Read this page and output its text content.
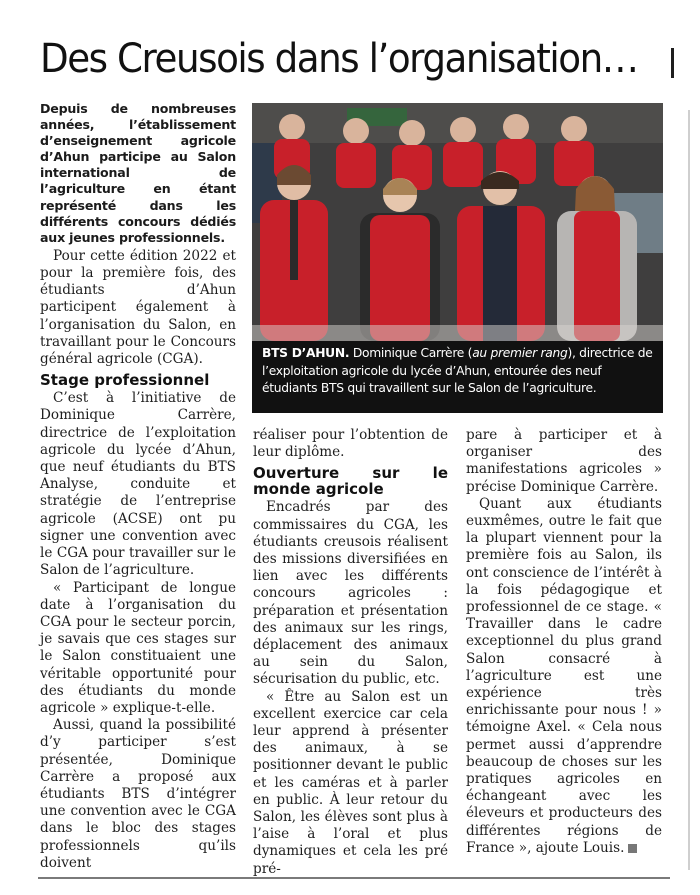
Des Creusois dans l’organisation…

Depuis de nombreuses années, l’établissement d’enseignement agricole d’Ahun participe au Salon international de l’agriculture en étant représenté dans les différents concours dédiés aux jeunes professionnels.

Pour cette édition 2022 et pour la première fois, des étudiants d’Ahun participent également à l’organisation du Salon, en travaillant pour le Concours général agricole (CGA).

Stage professionnel

C’est à l’initiative de Dominique Carrère, directrice de l’exploitation agricole du lycée d’Ahun, que neuf étudiants du BTS Analyse, conduite et stratégie de l’entreprise agricole (ACSE) ont pu signer une convention avec le CGA pour travailler sur le Salon de l’agriculture.

« Participant de longue date à l’organisation du CGA pour le secteur porcin, je savais que ces stages sur le Salon constituaient une véritable opportunité pour des étudiants du monde agricole » explique-t-elle.

Aussi, quand la possibilité d’y participer s’est présentée, Dominique Carrère a proposé aux étudiants BTS d’intégrer une convention avec le CGA dans le bloc des stages professionnels qu’ils doivent

BTS D’AHUN. Dominique Carrère (au premier rang), directrice de l’exploitation agricole du lycée d’Ahun, entourée des neuf étudiants BTS qui travaillent sur le Salon de l’agriculture.

réaliser pour l’obtention de leur diplôme.

Ouverture sur le monde agricole

Encadrés par des commissaires du CGA, les étudiants creusois réalisent des missions diversifiées en lien avec les différents concours agricoles : préparation et présentation des animaux sur les rings, déplacement des animaux au sein du Salon, sécurisation du public, etc.

« Être au Salon est un excellent exercice car cela leur apprend à présenter des animaux, à se positionner devant le public et les caméras et à parler en public. À leur retour du Salon, les élèves sont plus à l’aise à l’oral et plus dynamiques et cela les pré pré-

pare à participer et à organiser des manifestations agricoles » précise Dominique Carrère.

Quant aux étudiants euxmêmes, outre le fait que la plupart viennent pour la première fois au Salon, ils ont conscience de l’intérêt à la fois pédagogique et professionnel de ce stage. « Travailler dans le cadre exceptionnel du plus grand Salon consacré à l’agriculture est une expérience très enrichissante pour nous ! » témoigne Axel. « Cela nous permet aussi d’apprendre beaucoup de choses sur les pratiques agricoles en échangeant avec les éleveurs et producteurs des différentes régions de France », ajoute Louis.
